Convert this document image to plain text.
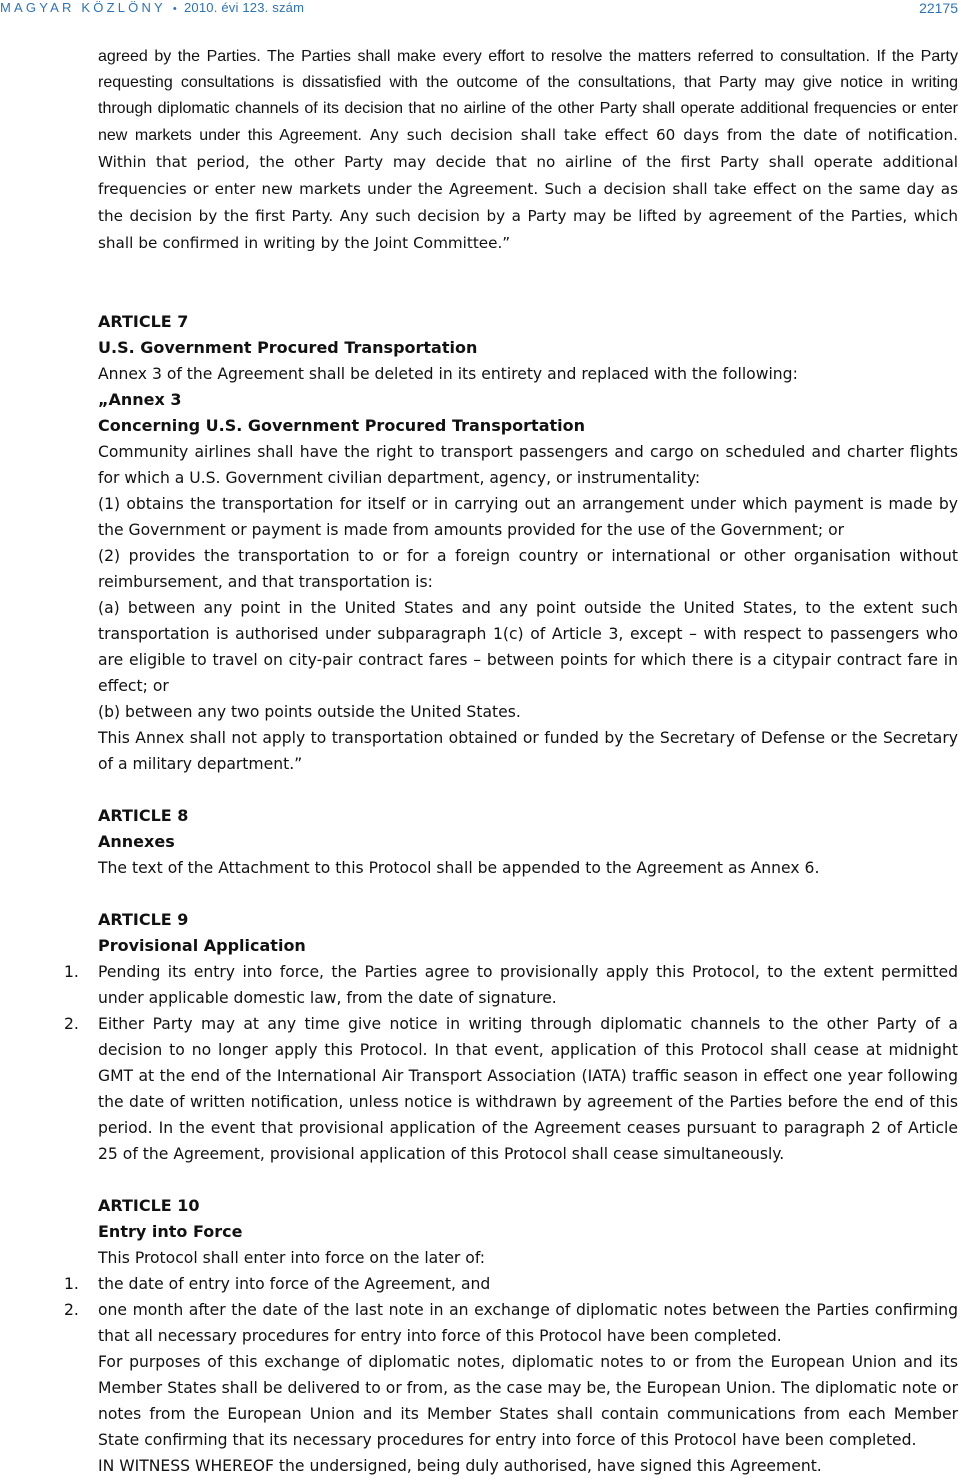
MAGYAR KÖZLÖNY • 2010. évi 123. szám	22175

agreed by the Parties. The Parties shall make every effort to resolve the matters referred to consultation. If the Party requesting consultations is dissatisfied with the outcome of the consultations, that Party may give notice in writing through diplomatic channels of its decision that no airline of the other Party shall operate additional frequencies or enter new markets under this Agreement. Any such decision shall take effect 60 days from the date of notification. Within that period, the other Party may decide that no airline of the first Party shall operate additional frequencies or enter new markets under the Agreement. Such a decision shall take effect on the same day as the decision by the first Party. Any such decision by a Party may be lifted by agreement of the Parties, which shall be confirmed in writing by the Joint Committee.”

ARTICLE 7

U.S. Government Procured Transportation

Annex 3 of the Agreement shall be deleted in its entirety and replaced with the following:

„Annex 3

Concerning U.S. Government Procured Transportation

Community airlines shall have the right to transport passengers and cargo on scheduled and charter flights for which a U.S. Government civilian department, agency, or instrumentality:

(1) obtains the transportation for itself or in carrying out an arrangement under which payment is made by the Government or payment is made from amounts provided for the use of the Government; or

(2) provides the transportation to or for a foreign country or international or other organisation without reimbursement, and that transportation is:

(a) between any point in the United States and any point outside the United States, to the extent such transportation is authorised under subparagraph 1(c) of Article 3, except – with respect to passengers who are eligible to travel on city-pair contract fares – between points for which there is a citypair contract fare in effect; or

(b) between any two points outside the United States.

This Annex shall not apply to transportation obtained or funded by the Secretary of Defense or the Secretary of a military department.”

ARTICLE 8

Annexes

The text of the Attachment to this Protocol shall be appended to the Agreement as Annex 6.

ARTICLE 9

Provisional Application

1. Pending its entry into force, the Parties agree to provisionally apply this Protocol, to the extent permitted under applicable domestic law, from the date of signature.
2. Either Party may at any time give notice in writing through diplomatic channels to the other Party of a decision to no longer apply this Protocol. In that event, application of this Protocol shall cease at midnight GMT at the end of the International Air Transport Association (IATA) traffic season in effect one year following the date of written notification, unless notice is withdrawn by agreement of the Parties before the end of this period. In the event that provisional application of the Agreement ceases pursuant to paragraph 2 of Article 25 of the Agreement, provisional application of this Protocol shall cease simultaneously.

ARTICLE 10

Entry into Force

This Protocol shall enter into force on the later of:

1. the date of entry into force of the Agreement, and
2. one month after the date of the last note in an exchange of diplomatic notes between the Parties confirming that all necessary procedures for entry into force of this Protocol have been completed.

For purposes of this exchange of diplomatic notes, diplomatic notes to or from the European Union and its Member States shall be delivered to or from, as the case may be, the European Union. The diplomatic note or notes from the European Union and its Member States shall contain communications from each Member State confirming that its necessary procedures for entry into force of this Protocol have been completed.

IN WITNESS WHEREOF the undersigned, being duly authorised, have signed this Agreement.
